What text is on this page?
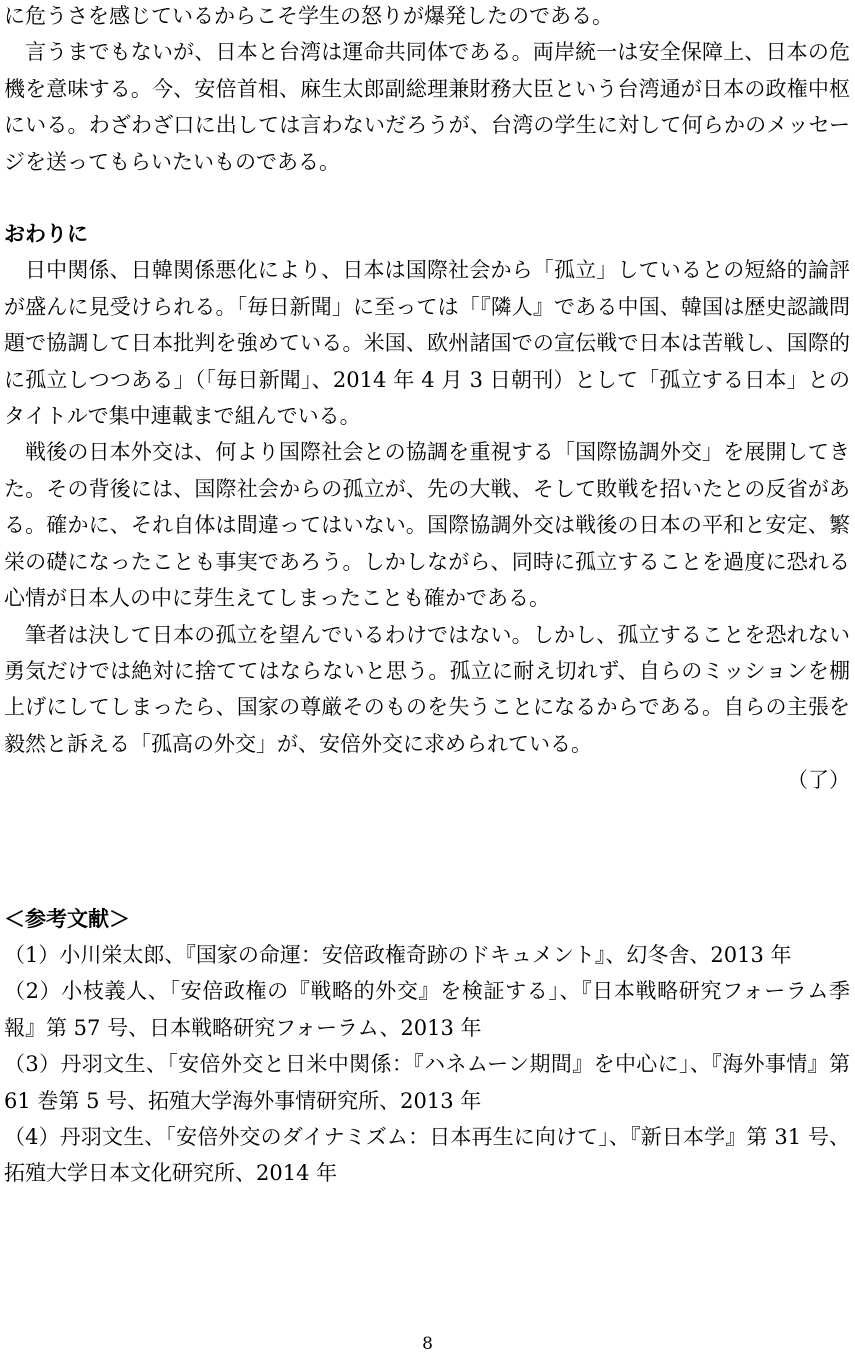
に危うさを感じているからこそ学生の怒りが爆発したのである。

言うまでもないが、日本と台湾は運命共同体である。両岸統一は安全保障上、日本の危機を意味する。今、安倍首相、麻生太郎副総理兼財務大臣という台湾通が日本の政権中枢にいる。わざわざ口に出しては言わないだろうが、台湾の学生に対して何らかのメッセージを送ってもらいたいものである。

おわりに

日中関係、日韓関係悪化により、日本は国際社会から「孤立」しているとの短絡的論評が盛んに見受けられる。「毎日新聞」に至っては「『隣人』である中国、韓国は歴史認識問題で協調して日本批判を強めている。米国、欧州諸国での宣伝戦で日本は苦戦し、国際的に孤立しつつある」（「毎日新聞」、2014 年 4 月 3 日朝刊）として「孤立する日本」とのタイトルで集中連載まで組んでいる。

戦後の日本外交は、何より国際社会との協調を重視する「国際協調外交」を展開してきた。その背後には、国際社会からの孤立が、先の大戦、そして敗戦を招いたとの反省がある。確かに、それ自体は間違ってはいない。国際協調外交は戦後の日本の平和と安定、繁栄の礎になったことも事実であろう。しかしながら、同時に孤立することを過度に恐れる心情が日本人の中に芽生えてしまったことも確かである。

筆者は決して日本の孤立を望んでいるわけではない。しかし、孤立することを恐れない勇気だけでは絶対に捨ててはならないと思う。孤立に耐え切れず、自らのミッションを棚上げにしてしまったら、国家の尊厳そのものを失うことになるからである。自らの主張を毅然と訴える「孤高の外交」が、安倍外交に求められている。

（了）
＜参考文献＞

（1）小川栄太郎、『国家の命運：安倍政権奇跡のドキュメント』、幻冬舎、2013 年

（2）小枝義人、「安倍政権の『戦略的外交』を検証する」、『日本戦略研究フォーラム季報』第 57 号、日本戦略研究フォーラム、2013 年

（3）丹羽文生、「安倍外交と日米中関係：『ハネムーン期間』を中心に」、『海外事情』第 61 巻第 5 号、拓殖大学海外事情研究所、2013 年

（4）丹羽文生、「安倍外交のダイナミズム：日本再生に向けて」、『新日本学』第 31 号、拓殖大学日本文化研究所、2014 年

8
